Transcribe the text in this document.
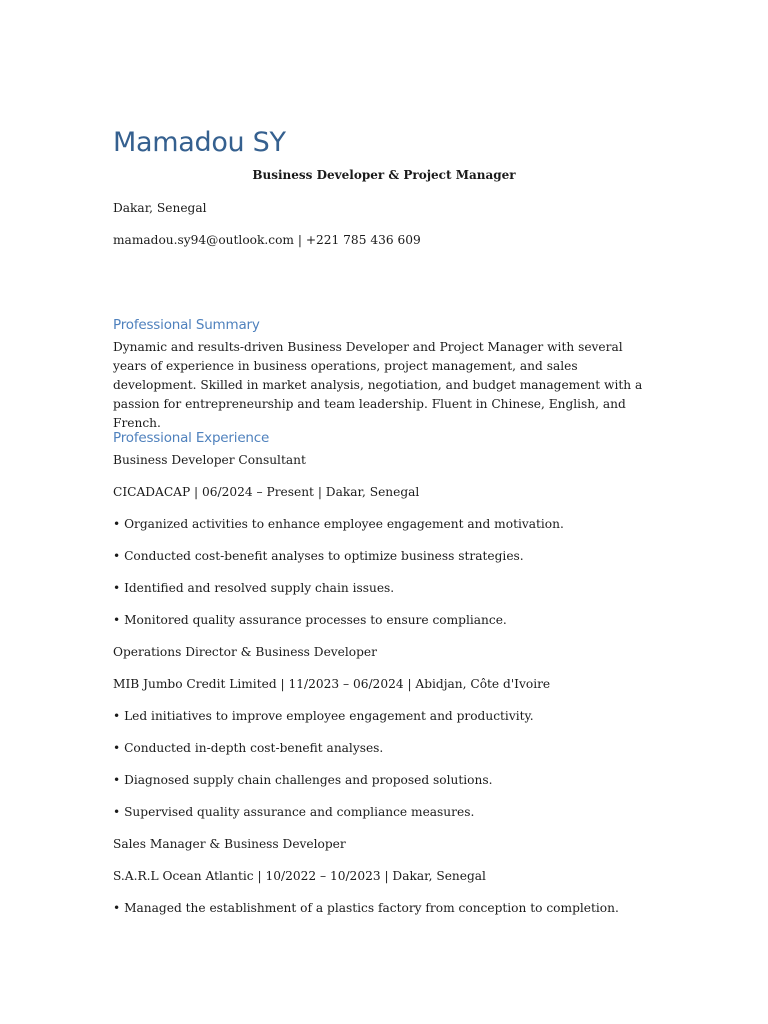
Mamadou SY
Business Developer & Project Manager
Dakar, Senegal
mamadou.sy94@outlook.com | +221 785 436 609
Professional Summary

Dynamic and results-driven Business Developer and Project Manager with several years of experience in business operations, project management, and sales development. Skilled in market analysis, negotiation, and budget management with a passion for entrepreneurship and team leadership. Fluent in Chinese, English, and French.

Professional Experience
Business Developer Consultant
CICADACAP | 06/2024 – Present | Dakar, Senegal
• Organized activities to enhance employee engagement and motivation.
• Conducted cost-benefit analyses to optimize business strategies.
• Identified and resolved supply chain issues.
• Monitored quality assurance processes to ensure compliance.
Operations Director & Business Developer
MIB Jumbo Credit Limited | 11/2023 – 06/2024 | Abidjan, Côte d'Ivoire
• Led initiatives to improve employee engagement and productivity.
• Conducted in-depth cost-benefit analyses.
• Diagnosed supply chain challenges and proposed solutions.
• Supervised quality assurance and compliance measures.
Sales Manager & Business Developer
S.A.R.L Ocean Atlantic | 10/2022 – 10/2023 | Dakar, Senegal
• Managed the establishment of a plastics factory from conception to completion.
